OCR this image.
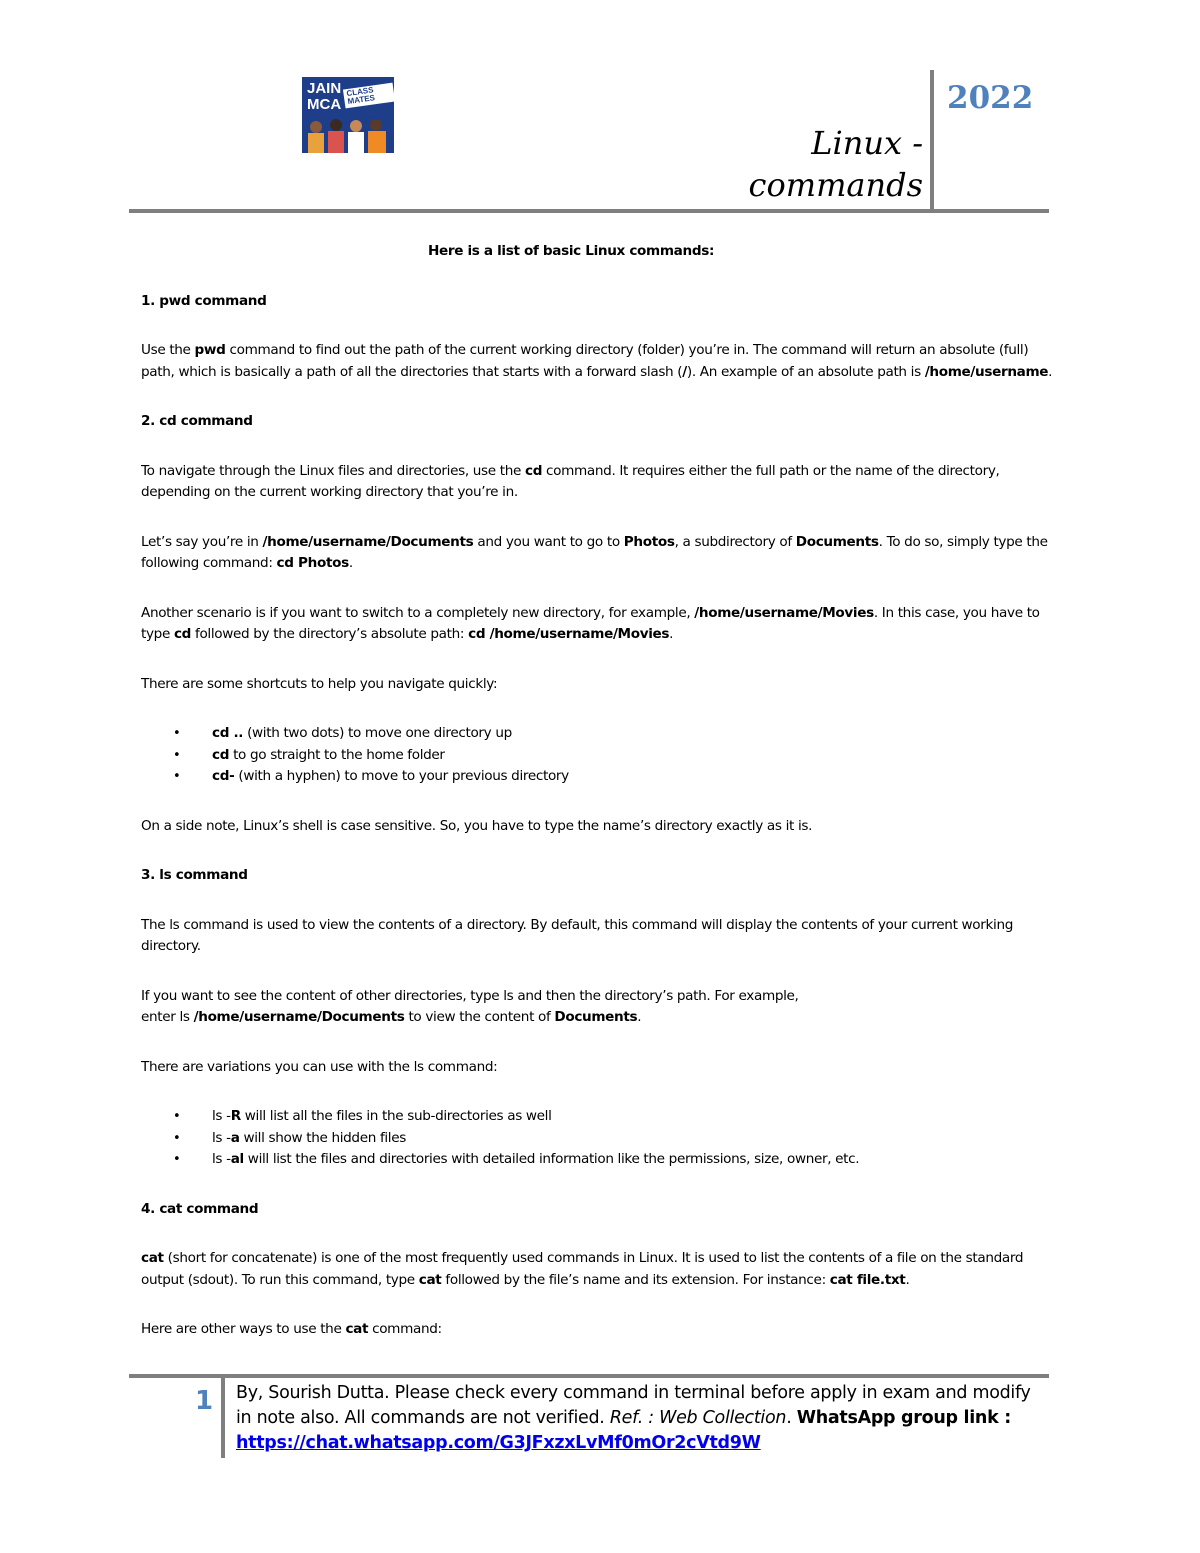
JAIN
MCA
CLASS MATES
Linux -
commands
2022

Here is a list of basic Linux commands:

1. pwd command

Use the pwd command to find out the path of the current working directory (folder) you’re in. The command will return an absolute (full) path, which is basically a path of all the directories that starts with a forward slash (/). An example of an absolute path is /home/username.

2. cd command

To navigate through the Linux files and directories, use the cd command. It requires either the full path or the name of the directory, depending on the current working directory that you’re in.

Let’s say you’re in /home/username/Documents and you want to go to Photos, a subdirectory of Documents. To do so, simply type the following command: cd Photos.

Another scenario is if you want to switch to a completely new directory, for example, /home/username/Movies. In this case, you have to type cd followed by the directory’s absolute path: cd /home/username/Movies.

There are some shortcuts to help you navigate quickly:

• cd .. (with two dots) to move one directory up
• cd to go straight to the home folder
• cd- (with a hyphen) to move to your previous directory

On a side note, Linux’s shell is case sensitive. So, you have to type the name’s directory exactly as it is.

3. ls command

The ls command is used to view the contents of a directory. By default, this command will display the contents of your current working directory.

If you want to see the content of other directories, type ls and then the directory’s path. For example,
enter ls /home/username/Documents to view the content of Documents.

There are variations you can use with the ls command:

• ls -R will list all the files in the sub-directories as well
• ls -a will show the hidden files
• ls -al will list the files and directories with detailed information like the permissions, size, owner, etc.

4. cat command

cat (short for concatenate) is one of the most frequently used commands in Linux. It is used to list the contents of a file on the standard output (sdout). To run this command, type cat followed by the file’s name and its extension. For instance: cat file.txt.

Here are other ways to use the cat command:

1 By, Sourish Dutta. Please check every command in terminal before apply in exam and modify in note also. All commands are not verified. Ref. : Web Collection. WhatsApp group link : https://chat.whatsapp.com/G3JFxzxLvMf0mOr2cVtd9W
